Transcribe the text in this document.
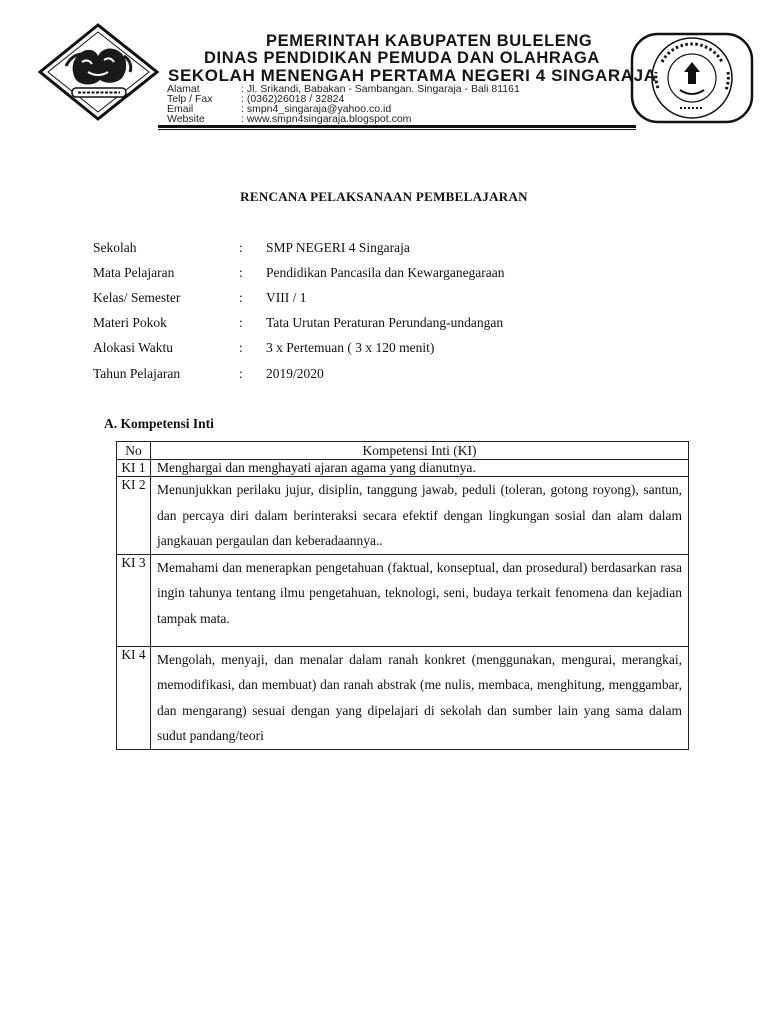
PEMERINTAH KABUPATEN BULELENG
DINAS PENDIDIKAN PEMUDA DAN OLAHRAGA
SEKOLAH MENENGAH PERTAMA NEGERI 4 SINGARAJA
Alamat	: Jl. Srikandi, Babakan - Sambangan. Singaraja - Bali 81161
Telp / Fax	: (0362)26018 / 32824
Email	: smpn4_singaraja@yahoo.co.id
Website	: www.smpn4singaraja.blogspot.com
RENCANA PELAKSANAAN PEMBELAJARAN
Sekolah	: SMP NEGERI 4 Singaraja
Mata Pelajaran	: Pendidikan Pancasila dan Kewarganegaraan
Kelas/ Semester	: VIII / 1
Materi Pokok	: Tata Urutan Peraturan Perundang-undangan
Alokasi Waktu	: 3 x Pertemuan ( 3 x 120 menit)
Tahun Pelajaran	: 2019/2020
A. Kompetensi Inti
No	Kompetensi Inti (KI)
KI 1	Menghargai dan menghayati ajaran agama yang dianutnya.
KI 2	Menunjukkan perilaku jujur, disiplin, tanggung jawab, peduli (toleran, gotong royong), santun, dan percaya diri dalam berinteraksi secara efektif dengan lingkungan sosial dan alam dalam jangkauan pergaulan dan keberadaannya..
KI 3	Memahami dan menerapkan pengetahuan (faktual, konseptual, dan prosedural) berdasarkan rasa ingin tahunya tentang ilmu pengetahuan, teknologi, seni, budaya terkait fenomena dan kejadian tampak mata.
KI 4	Mengolah, menyaji, dan menalar dalam ranah konkret (menggunakan, mengurai, merangkai, memodifikasi, dan membuat) dan ranah abstrak (me nulis, membaca, menghitung, menggambar, dan mengarang) sesuai dengan yang dipelajari di sekolah dan sumber lain yang sama dalam sudut pandang/teori
